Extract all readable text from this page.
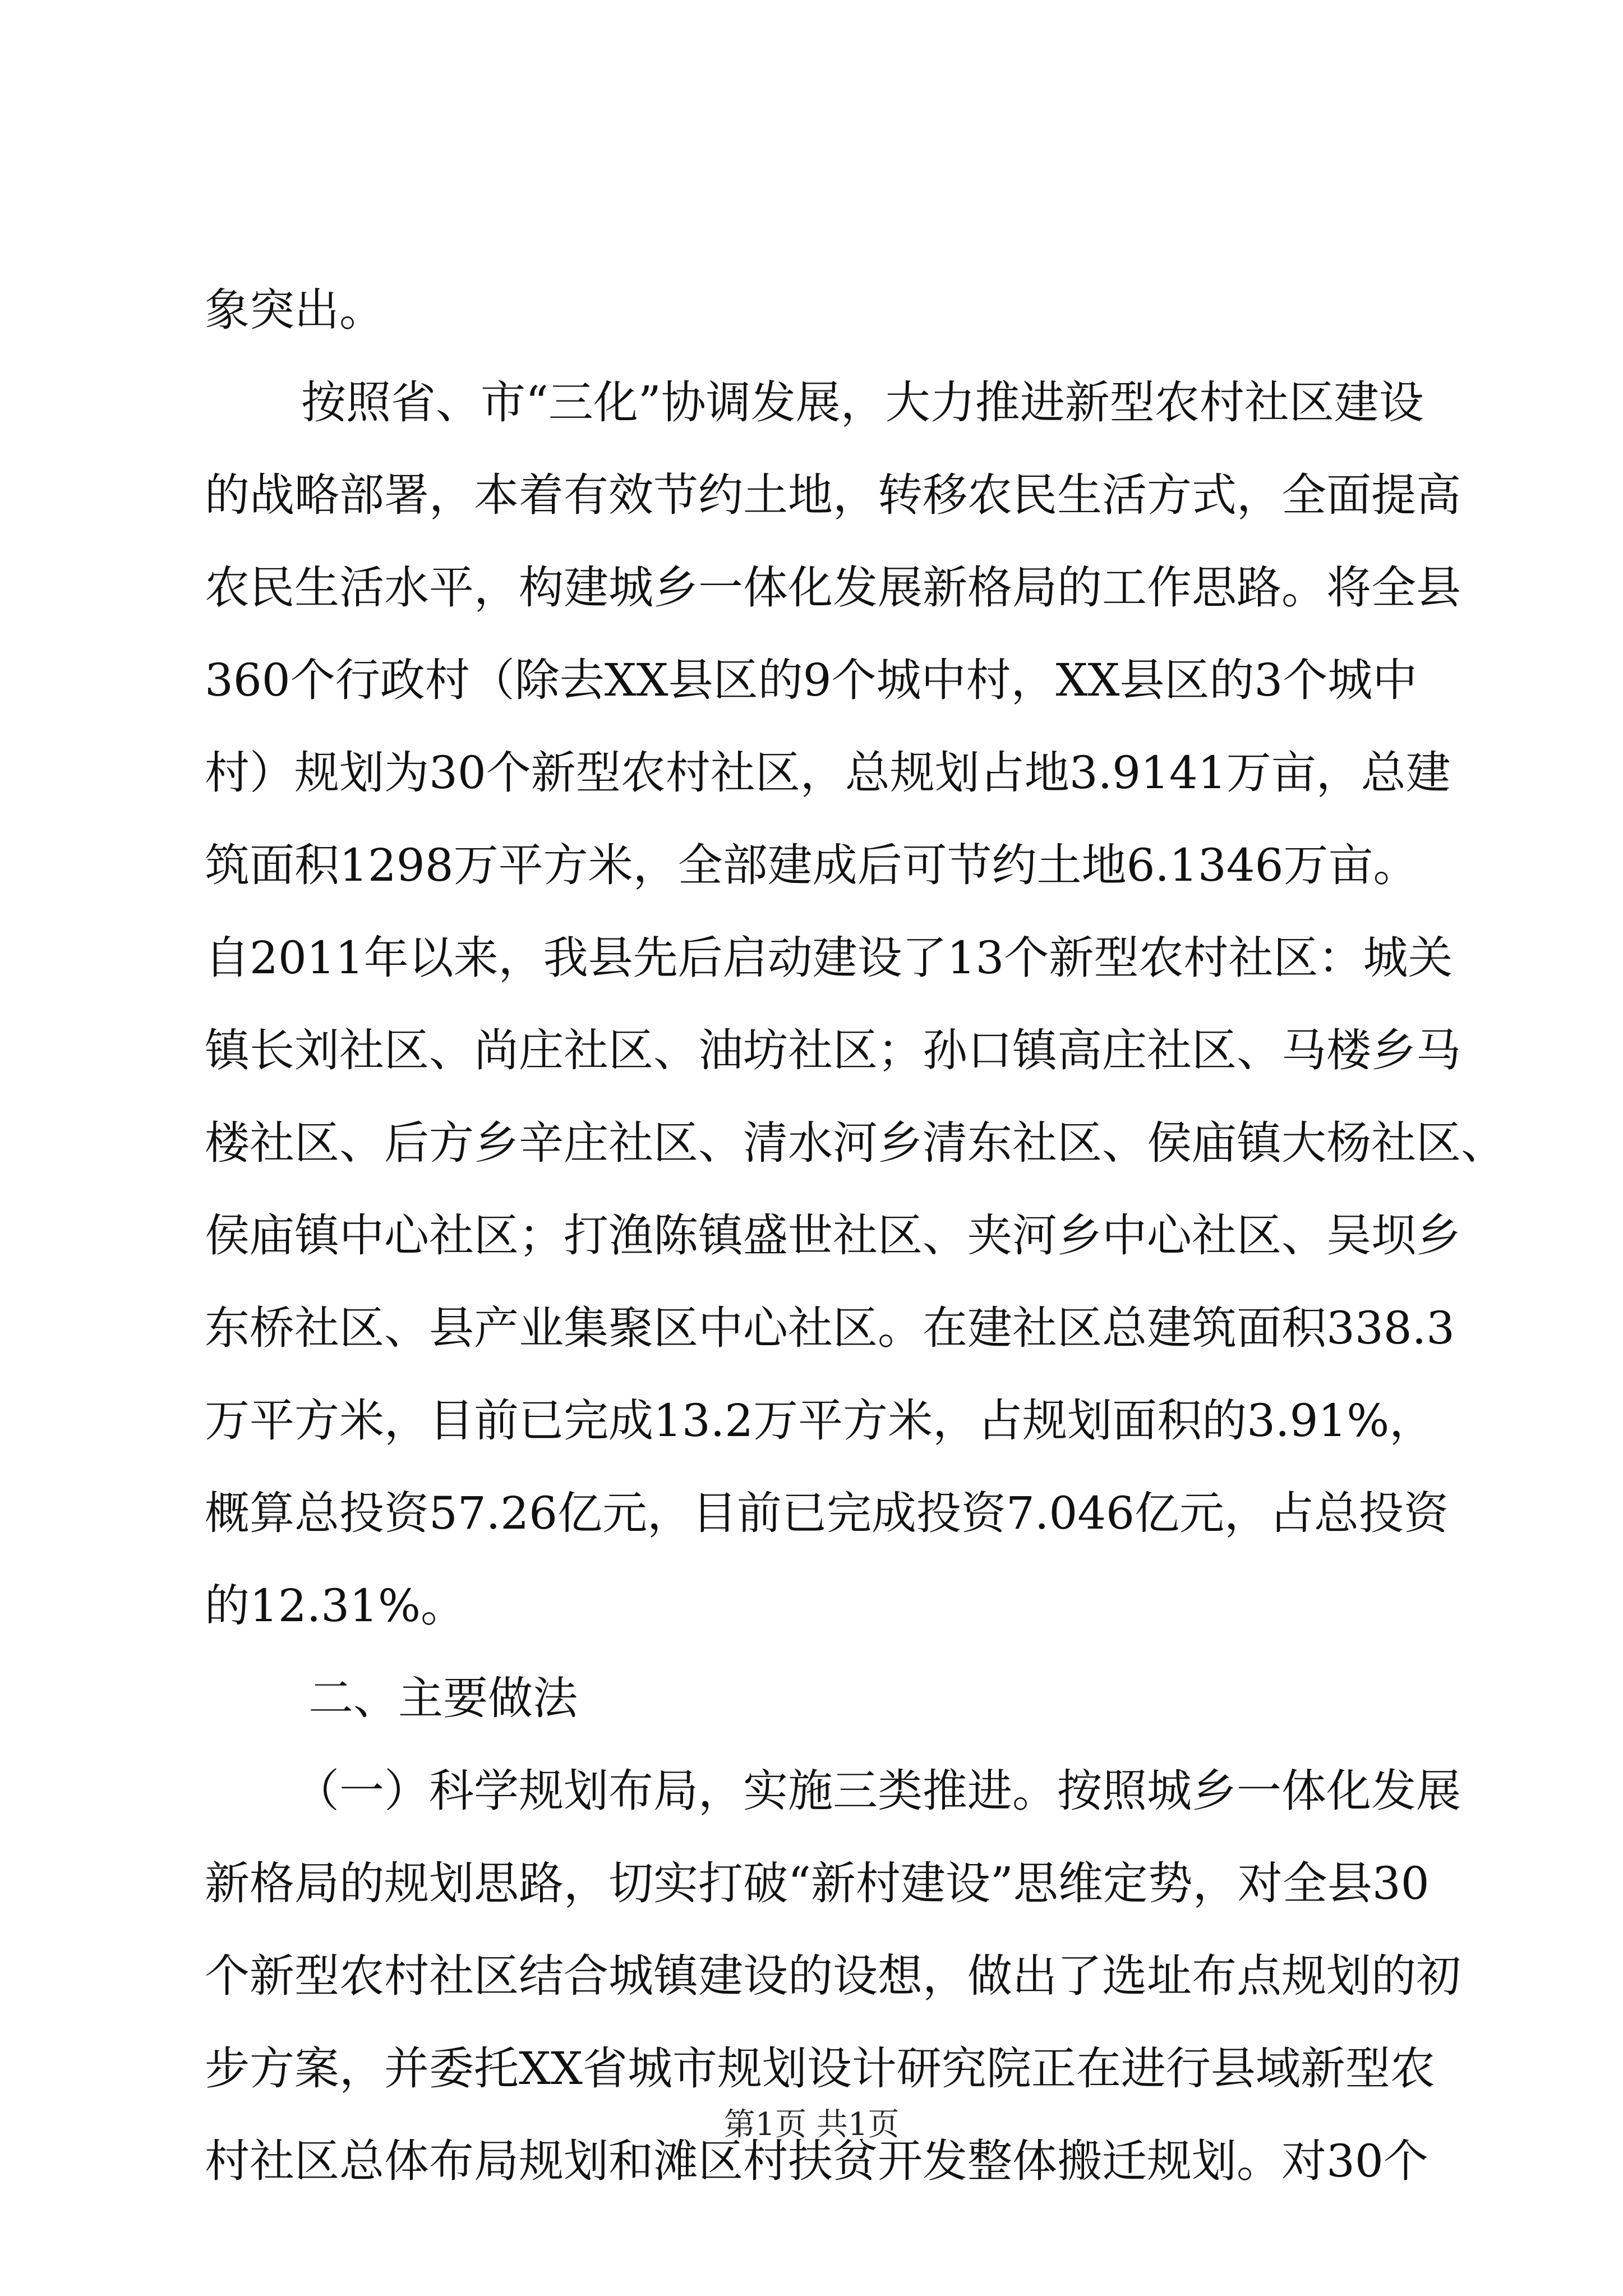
象突出。
按照省、市“三化”协调发展，大力推进新型农村社区建设
的战略部署，本着有效节约土地，转移农民生活方式，全面提高
农民生活水平，构建城乡一体化发展新格局的工作思路。将全县
360个行政村（除去XX县区的9个城中村，XX县区的3个城中
村）规划为30个新型农村社区，总规划占地3.9141万亩，总建
筑面积1298万平方米，全部建成后可节约土地6.1346万亩。
自2011年以来，我县先后启动建设了13个新型农村社区：城关
镇长刘社区、尚庄社区、油坊社区；孙口镇高庄社区、马楼乡马
楼社区、后方乡辛庄社区、清水河乡清东社区、侯庙镇大杨社区、
侯庙镇中心社区；打渔陈镇盛世社区、夹河乡中心社区、吴坝乡
东桥社区、县产业集聚区中心社区。在建社区总建筑面积338.3
万平方米，目前已完成13.2万平方米，占规划面积的3.91%，
概算总投资57.26亿元，目前已完成投资7.046亿元，占总投资
的12.31%。
二、主要做法
（一）科学规划布局，实施三类推进。按照城乡一体化发展
新格局的规划思路，切实打破“新村建设”思维定势，对全县30
个新型农村社区结合城镇建设的设想，做出了选址布点规划的初
步方案，并委托XX省城市规划设计研究院正在进行县域新型农
村社区总体布局规划和滩区村扶贫开发整体搬迁规划。对30个
第1页 共1页
